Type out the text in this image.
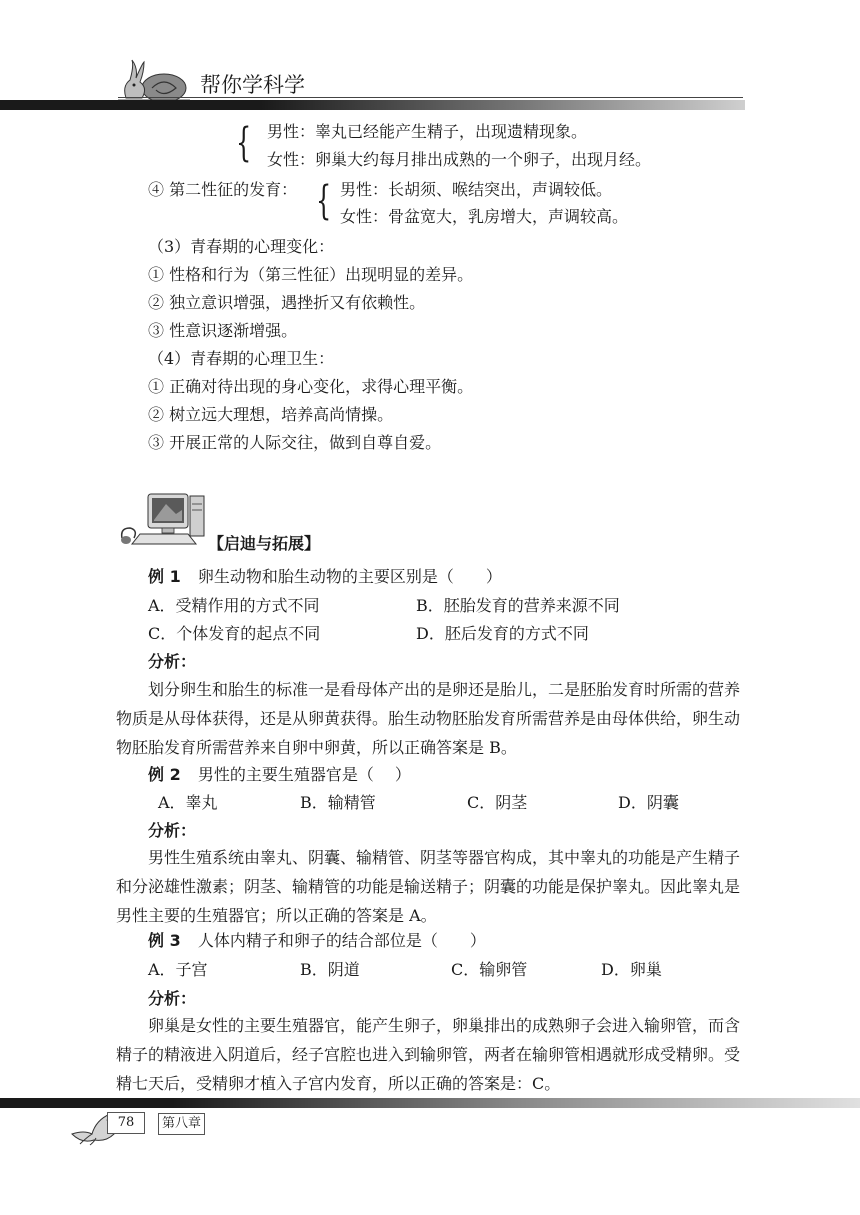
帮你学科学
{ 男性：睾丸已经能产生精子，出现遗精现象。
女性：卵巢大约每月排出成熟的一个卵子，出现月经。
④ 第二性征的发育： { 男性：长胡须、喉结突出，声调较低。
女性：骨盆宽大，乳房增大，声调较高。
（3）青春期的心理变化：
① 性格和行为（第三性征）出现明显的差异。
② 独立意识增强，遇挫折又有依赖性。
③ 性意识逐渐增强。
（4）青春期的心理卫生：
① 正确对待出现的身心变化，求得心理平衡。
② 树立远大理想，培养高尚情操。
③ 开展正常的人际交往，做到自尊自爱。
【启迪与拓展】
例 1 卵生动物和胎生动物的主要区别是（　　）
A．受精作用的方式不同	B．胚胎发育的营养来源不同
C．个体发育的起点不同	D．胚后发育的方式不同
分析：
划分卵生和胎生的标准一是看母体产出的是卵还是胎儿，二是胚胎发育时所需的营养物质是从母体获得，还是从卵黄获得。胎生动物胚胎发育所需营养是由母体供给，卵生动物胚胎发育所需营养来自卵中卵黄，所以正确答案是 B。
例 2 男性的主要生殖器官是（　 ）
A．睾丸	B．输精管	C．阴茎	D．阴囊
分析：
男性生殖系统由睾丸、阴囊、输精管、阴茎等器官构成，其中睾丸的功能是产生精子和分泌雄性激素；阴茎、输精管的功能是输送精子；阴囊的功能是保护睾丸。因此睾丸是男性主要的生殖器官；所以正确的答案是 A。
例 3 人体内精子和卵子的结合部位是（　　）
A．子宫	B．阴道	C．输卵管	D．卵巢
分析：
卵巢是女性的主要生殖器官，能产生卵子，卵巢排出的成熟卵子会进入输卵管，而含精子的精液进入阴道后，经子宫腔也进入到输卵管，两者在输卵管相遇就形成受精卵。受精七天后，受精卵才植入子宫内发育，所以正确的答案是：C。
78	第八章
